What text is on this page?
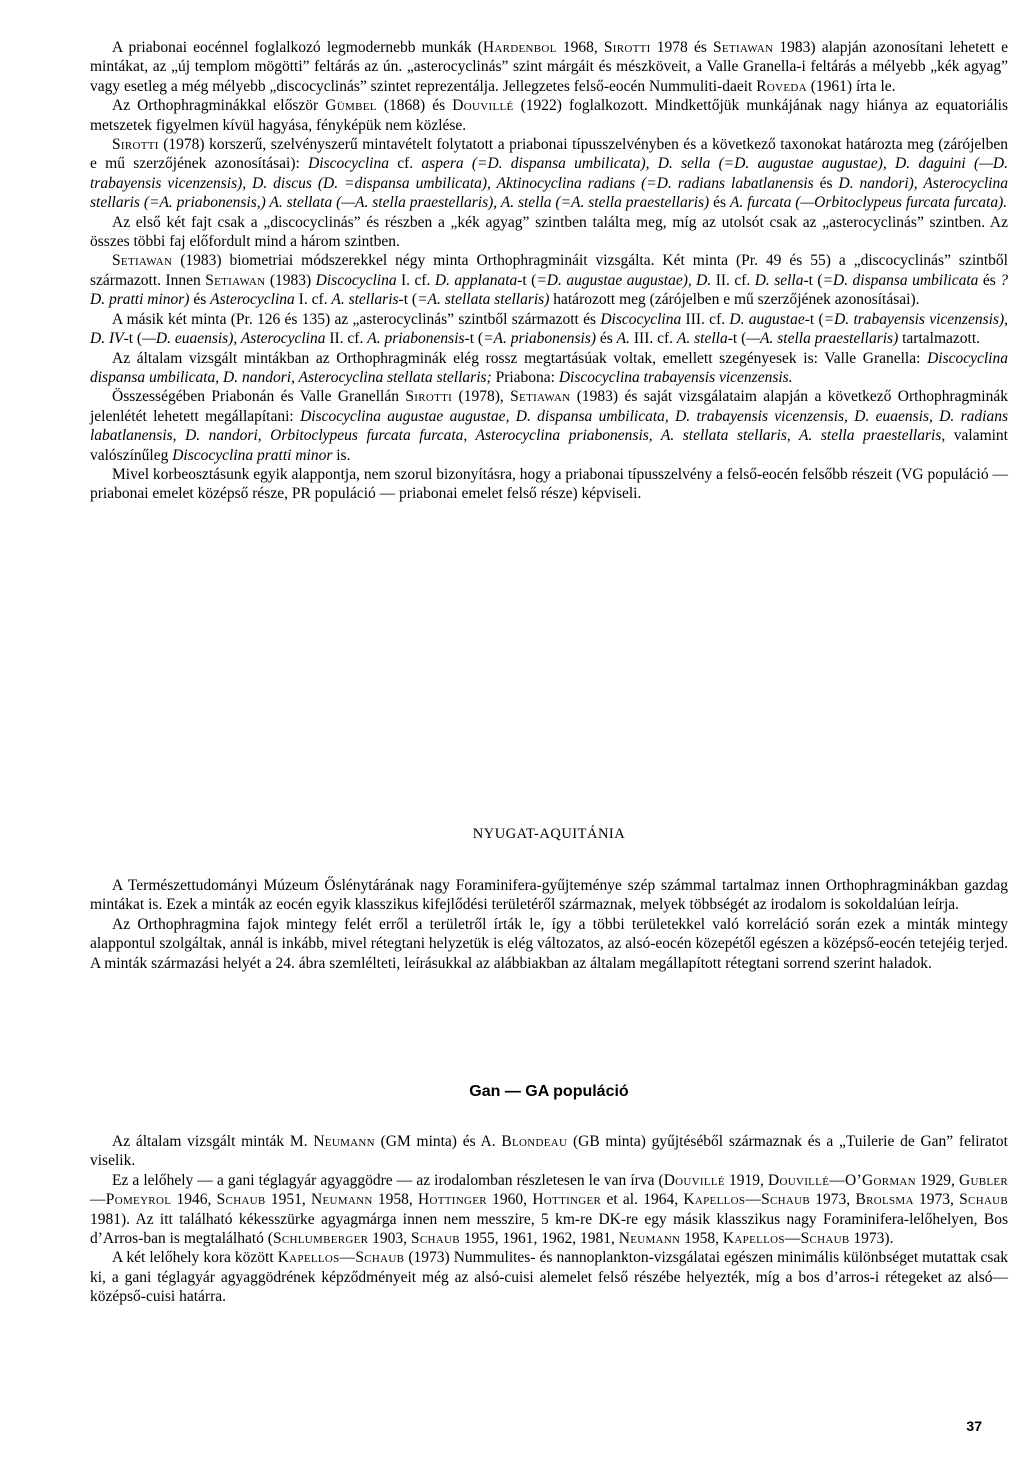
A priabonai eocénnel foglalkozó legmodernebb munkák (Hardenbol 1968, Sirotti 1978 és Setiawan 1983) alapján azonosítani lehetett e mintákat, az „új templom mögötti” feltárás az ún. „asterocyclinás” szint márgáit és mészköveit, a Valle Granella-i feltárás a mélyebb „kék agyag” vagy esetleg a még mélyebb „discocyclinás” szintet reprezentálja. Jellegzetes felső-eocén Nummuliti-daeit Roveda (1961) írta le.

Az Orthophragminákkal először Gümbel (1868) és Douvillé (1922) foglalkozott. Mindkettőjük munkájának nagy hiánya az equatoriális metszetek figyelmen kívül hagyása, fényképük nem közlése.

Sirotti (1978) korszerű, szelvényszerű mintavételt folytatott a priabonai típusszelvényben és a következő taxonokat határozta meg (zárójelben e mű szerzőjének azonosításai): Discocyclina cf. aspera (=D. dispansa umbilicata), D. sella (=D. augustae augustae), D. daguini (—D. trabayensis vicenzensis), D. discus (D. =dispansa umbilicata), Aktinocyclina radians (=D. radians labatlanensis és D. nandori), Asterocyclina stellaris (=A. priabonensis,) A. stellata (—A. stella praestellaris), A. stella (=A. stella praestellaris) és A. furcata (—Orbitoclypeus furcata furcata).

Az első két fajt csak a „discocyclinás” és részben a „kék agyag” szintben találta meg, míg az utolsót csak az „asterocyclinás” szintben. Az összes többi faj előfordult mind a három szintben.

Setiawan (1983) biometriai módszerekkel négy minta Orthophragmináit vizsgálta. Két minta (Pr. 49 és 55) a „discocyclinás” szintből származott. Innen Setiawan (1983) Discocyclina I. cf. D. applanata-t (=D. augustae augustae), D. II. cf. D. sella-t (=D. dispansa umbilicata és ?D. pratti minor) és Asterocyclina I. cf. A. stellaris-t (=A. stellata stellaris) határozott meg (zárójelben e mű szerzőjének azonosításai).

A másik két minta (Pr. 126 és 135) az „asterocyclinás” szintből származott és Discocyclina III. cf. D. augustae-t (=D. trabayensis vicenzensis), D. IV-t (—D. euaensis), Asterocyclina II. cf. A. priabonensis-t (=A. priabonensis) és A. III. cf. A. stella-t (—A. stella praestellaris) tartalmazott.

Az általam vizsgált mintákban az Orthophragminák elég rossz megtartásúak voltak, emellett szegényesek is: Valle Granella: Discocyclina dispansa umbilicata, D. nandori, Asterocyclina stellata stellaris; Priabona: Discocyclina trabayensis vicenzensis.

Összességében Priabonán és Valle Granellán Sirotti (1978), Setiawan (1983) és saját vizsgálataim alapján a következő Orthophragminák jelenlétét lehetett megállapítani: Discocyclina augustae augustae, D. dispansa umbilicata, D. trabayensis vicenzensis, D. euaensis, D. radians labatlanensis, D. nandori, Orbitoclypeus furcata furcata, Asterocyclina priabonensis, A. stellata stellaris, A. stella praestellaris, valamint valószínűleg Discocyclina pratti minor is.

Mivel korbeosztásunk egyik alappontja, nem szorul bizonyításra, hogy a priabonai típusszelvény a felső-eocén felsőbb részeit (VG populáció — priabonai emelet középső része, PR populáció — priabonai emelet felső része) képviseli.

NYUGAT-AQUITÁNIA

A Természettudományi Múzeum Őslénytárának nagy Foraminifera-gyűjteménye szép számmal tartalmaz innen Orthophragminákban gazdag mintákat is. Ezek a minták az eocén egyik klasszikus kifejlődési területéről származnak, melyek többségét az irodalom is sokoldalúan leírja.

Az Orthophragmina fajok mintegy felét erről a területről írták le, így a többi területekkel való korreláció során ezek a minták mintegy alappontul szolgáltak, annál is inkább, mivel rétegtani helyzetük is elég változatos, az alsó-eocén közepétől egészen a középső-eocén tetejéig terjed. A minták származási helyét a 24. ábra szemlélteti, leírásukkal az alábbiakban az általam megállapított rétegtani sorrend szerint haladok.

Gan — GA populáció

Az általam vizsgált minták M. Neumann (GM minta) és A. Blondeau (GB minta) gyűjtéséből származnak és a „Tuilerie de Gan” feliratot viselik.

Ez a lelőhely — a gani téglagyár agyaggödre — az irodalomban részletesen le van írva (Douvillé 1919, Douvillé—O’Gorman 1929, Gubler—Pomeyrol 1946, Schaub 1951, Neumann 1958, Hottinger 1960, Hottinger et al. 1964, Kapellos—Schaub 1973, Brolsma 1973, Schaub 1981). Az itt található kékesszürke agyagmárga innen nem messzire, 5 km-re DK-re egy másik klasszikus nagy Foraminifera-lelőhelyen, Bos d’Arros-ban is megtalálható (Schlumberger 1903, Schaub 1955, 1961, 1962, 1981, Neumann 1958, Kapellos—Schaub 1973).

A két lelőhely kora között Kapellos—Schaub (1973) Nummulites- és nannoplankton-vizsgálatai egészen minimális különbséget mutattak csak ki, a gani téglagyár agyaggödrének képződményeit még az alsó-cuisi alemelet felső részébe helyezték, míg a bos d’arros-i rétegeket az alsó—középső-cuisi határra.

37
